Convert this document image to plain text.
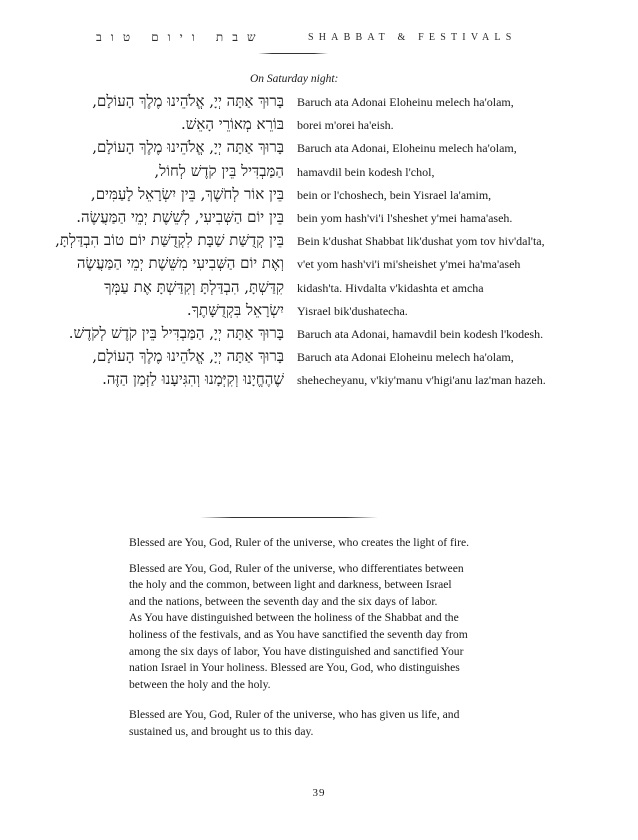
שבת ויום טוב	SHABBAT & FESTIVALS
On Saturday night:
בָּרוּךְ אַתָּה יְיָ, אֱלֹהֵינוּ מֶלֶךְ הָעוֹלָם, Baruch ata Adonai Eloheinu melech ha'olam,
בּוֹרֵא מְאוֹרֵי הָאֵשׁ. borei m'orei ha'eish.
בָּרוּךְ אַתָּה יְיָ, אֱלֹהֵינוּ מֶלֶךְ הָעוֹלָם, Baruch ata Adonai, Eloheinu melech ha'olam,
הַמַּבְדִּיל בֵּין קֹדֶשׁ לְחוֹל, hamavdil bein kodesh l'chol,
בֵּין אוֹר לְחֹשֶׁךְ, בֵּין יִשְׂרָאֵל לָעַמִּים, bein or l'choshech, bein Yisrael la'amim,
בֵּין יוֹם הַשְּׁבִיעִי, לְשֵׁשֶׁת יְמֵי הַמַּעֲשֶׂה. bein yom hash'vi'i l'sheshet y'mei hama'aseh.
בֵּין קְדֻשַּׁת שַׁבָּת לִקְדֻשַּׁת יוֹם טוֹב הִבְדַּלְתָּ, Bein k'dushat Shabbat lik'dushat yom tov hiv'dal'ta,
וְאֶת יוֹם הַשְּׁבִיעִי מִשֵּׁשֶׁת יְמֵי הַמַּעֲשֶׂה v'et yom hash'vi'i mi'sheishet y'mei ha'ma'aseh
קִדַּשְׁתָּ, הִבְדַּלְתָּ וְקִדַּשְׁתָּ אֶת עַמְּךָ kidash'ta. Hivdalta v'kidashta et amcha
יִשְׂרָאֵל בִּקְדֻשָּׁתֶךָ. Yisrael bik'dushatecha.
בָּרוּךְ אַתָּה יְיָ, הַמַּבְדִּיל בֵּין קֹדֶשׁ לְקֹדֶשׁ. Baruch ata Adonai, hamavdil bein kodesh l'kodesh.
בָּרוּךְ אַתָּה יְיָ, אֱלֹהֵינוּ מֶלֶךְ הָעוֹלָם, Baruch ata Adonai Eloheinu melech ha'olam,
שֶׁהֶחֱיָנוּ וְקִיְּמָנוּ וְהִגִּיעָנוּ לַזְּמַן הַזֶּה. shehecheyanu, v'kiy'manu v'higi'anu laz'man hazeh.

Blessed are You, God, Ruler of the universe, who creates the light of fire.

Blessed are You, God, Ruler of the universe, who differentiates between
the holy and the common, between light and darkness, between Israel
and the nations, between the seventh day and the six days of labor.
As You have distinguished between the holiness of the Shabbat and the
holiness of the festivals, and as You have sanctified the seventh day from
among the six days of labor, You have distinguished and sanctified Your
nation Israel in Your holiness. Blessed are You, God, who distinguishes
between the holy and the holy.

Blessed are You, God, Ruler of the universe, who has given us life, and
sustained us, and brought us to this day.

39
